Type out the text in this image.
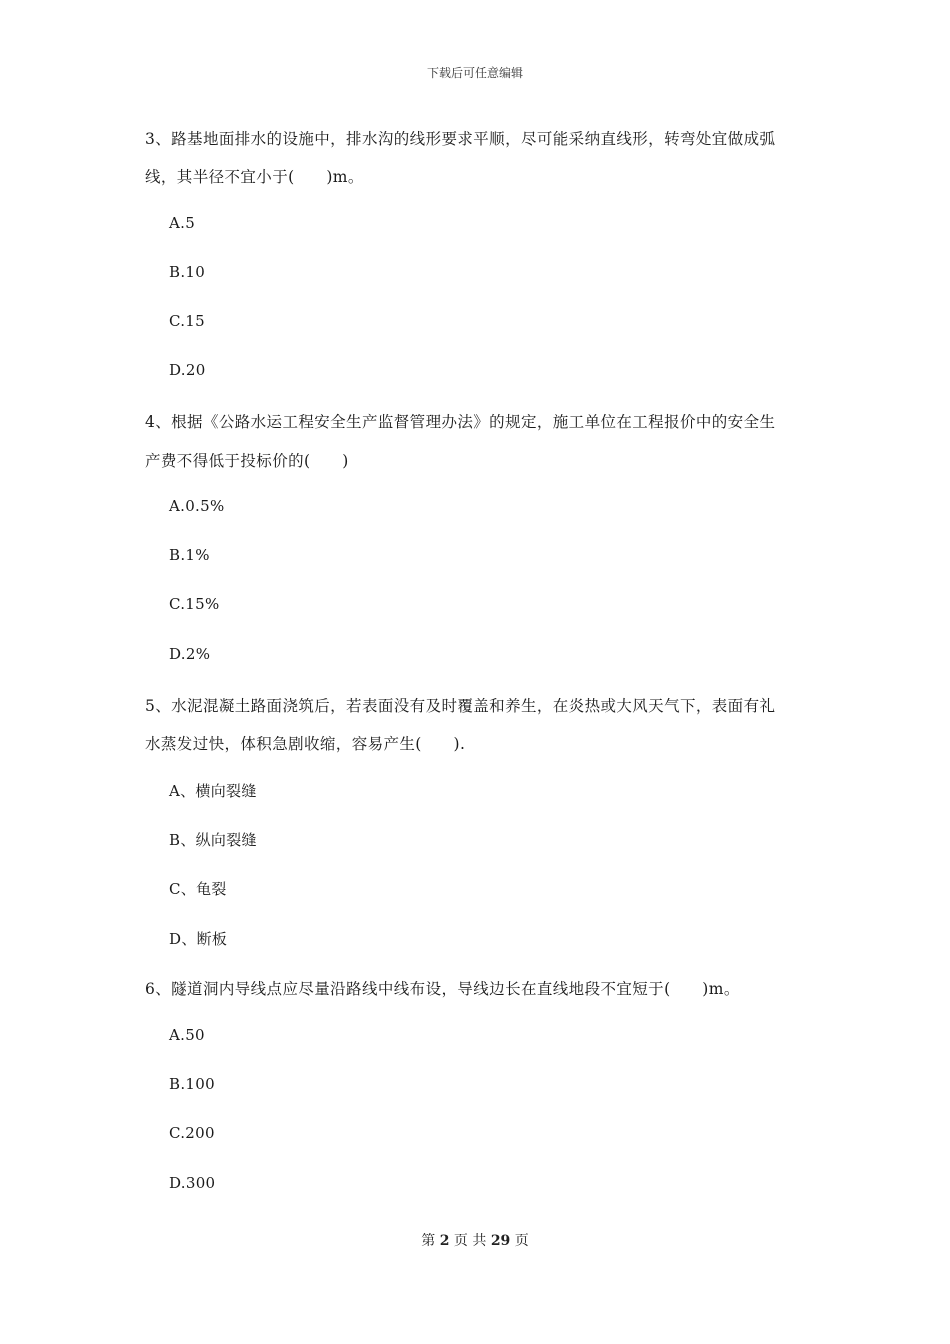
下载后可任意编辑
3、路基地面排水的设施中，排水沟的线形要求平顺，尽可能采纳直线形，转弯处宜做成弧
线，其半径不宜小于(　　)m。
A.5
B.10
C.15
D.20
4、根据《公路水运工程安全生产监督管理办法》的规定，施工单位在工程报价中的安全生
产费不得低于投标价的(　　)
A.0.5%
B.1%
C.15%
D.2%
5、水泥混凝土路面浇筑后，若表面没有及时覆盖和养生，在炎热或大风天气下，表面有礼
水蒸发过快，体积急剧收缩，容易产生(　　).
A、横向裂缝
B、纵向裂缝
C、龟裂
D、断板
6、隧道洞内导线点应尽量沿路线中线布设，导线边长在直线地段不宜短于(　　)m。
A.50
B.100
C.200
D.300
第 2 页 共 29 页
